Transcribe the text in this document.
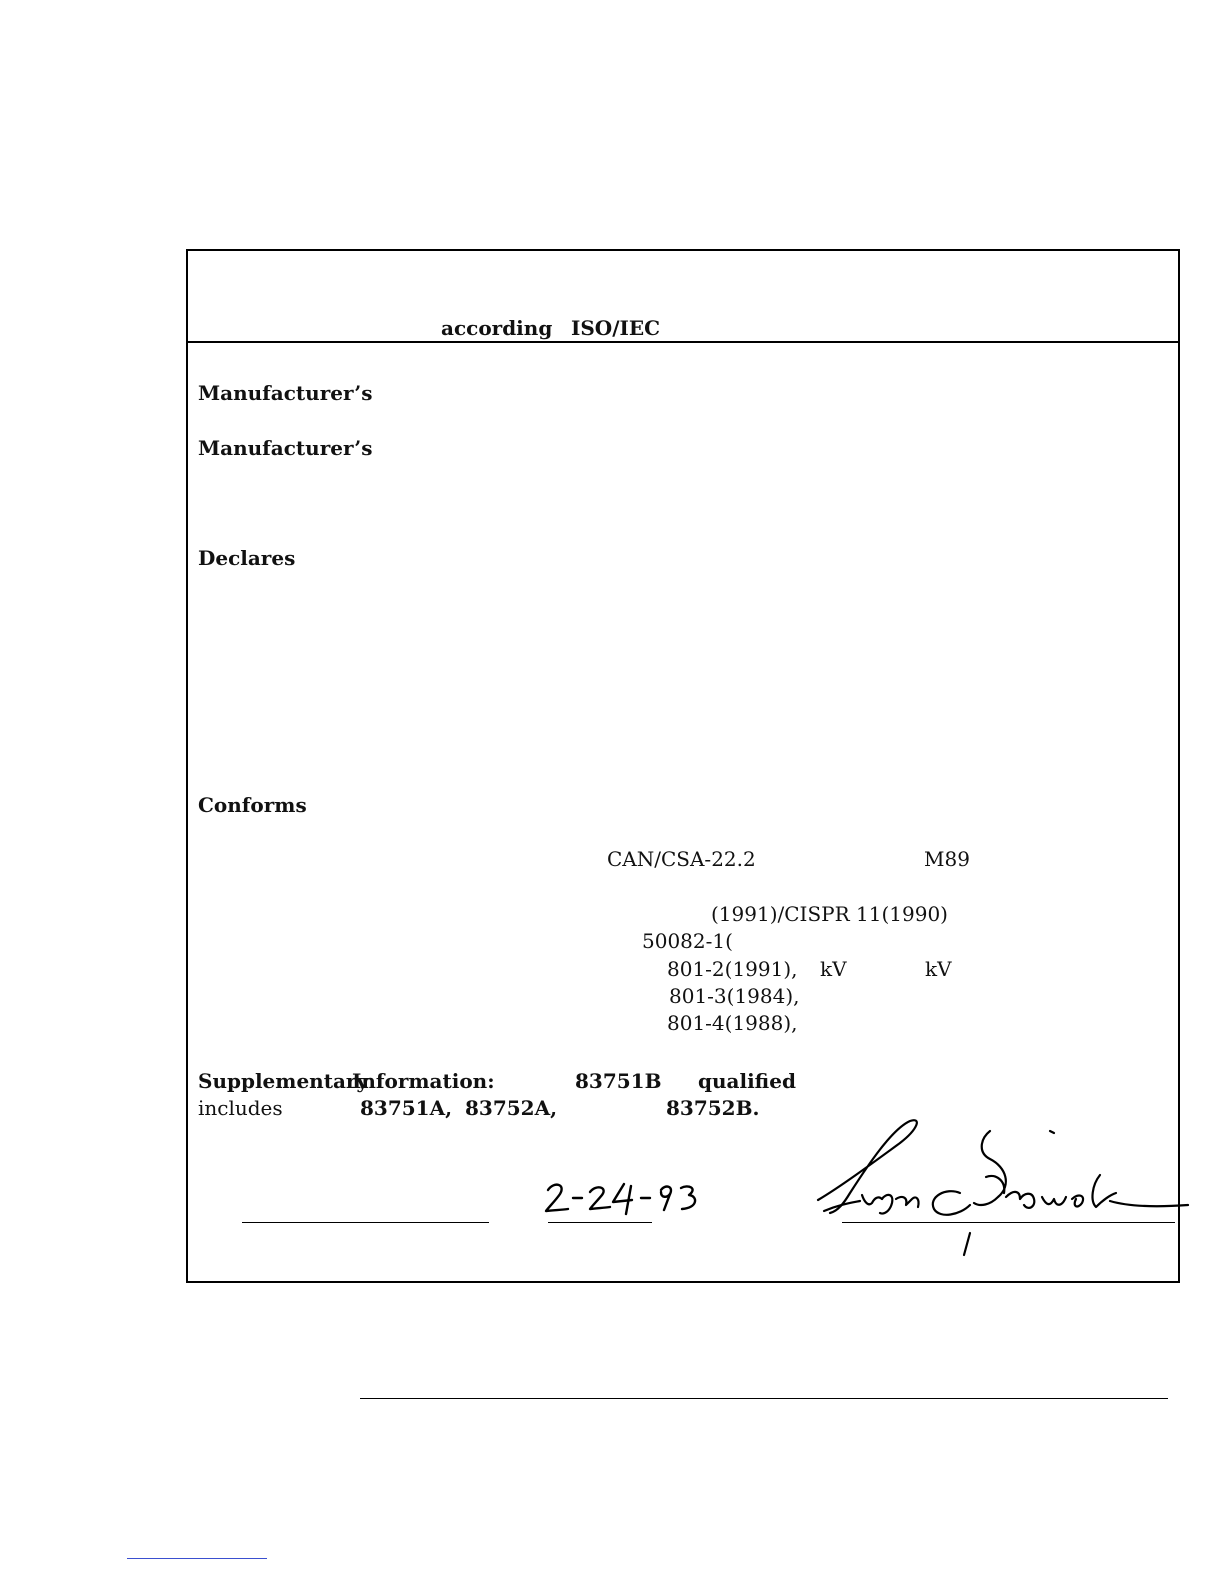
according ISO/IEC
Manufacturer’s
Manufacturer’s
Declares
Conforms
CAN/CSA-22.2	M89
(1991)/CISPR 11(1990)
50082-1(
801-2(1991), kV	kV
801-3(1984),
801-4(1988),
Supplementary
Information:	83751B qualified
includes	83751A, 83752A,	83752B.
